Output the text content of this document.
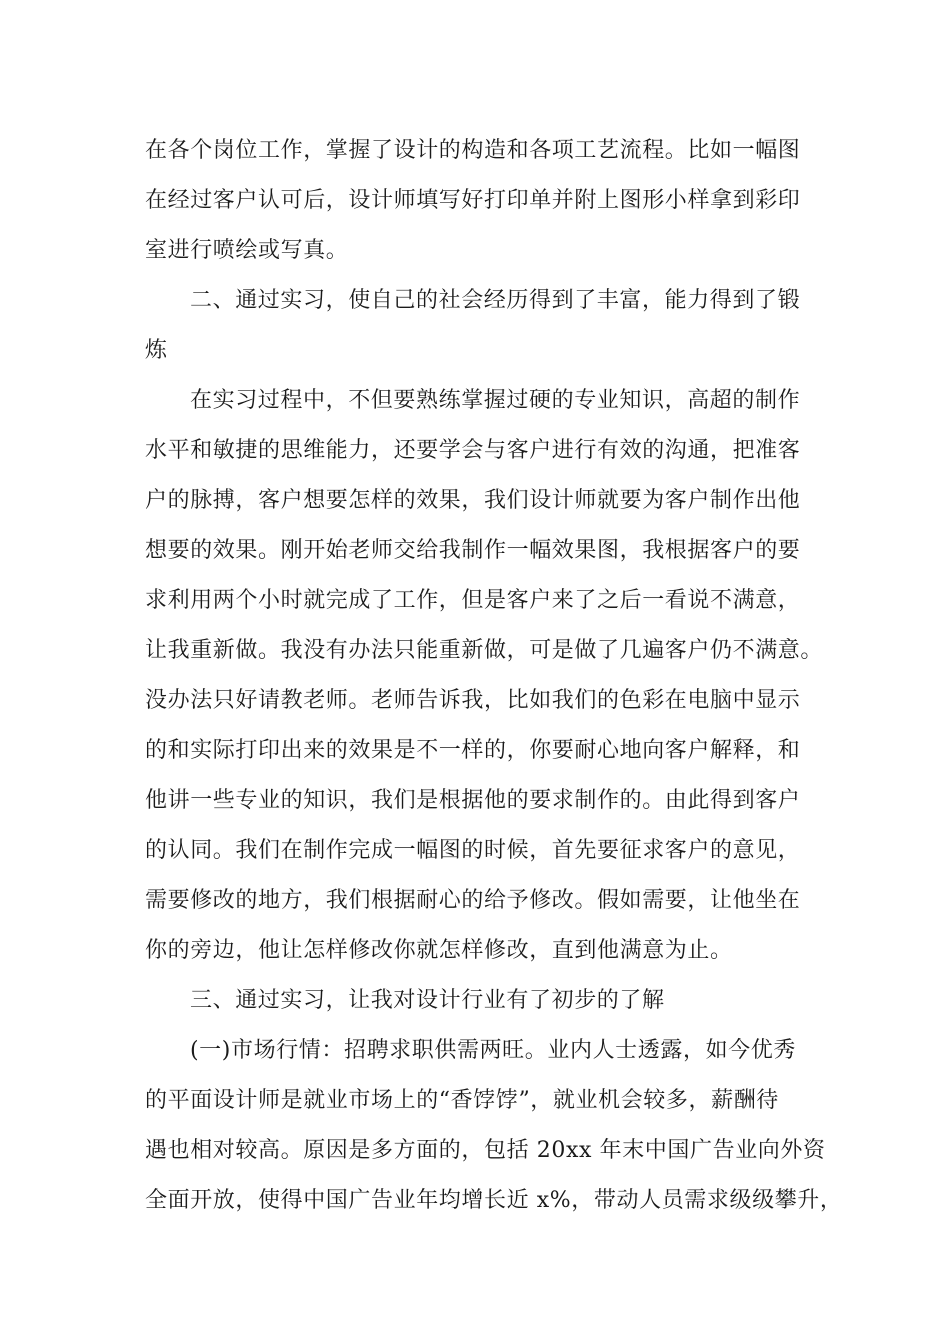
在各个岗位工作，掌握了设计的构造和各项工艺流程。比如一幅图
在经过客户认可后，设计师填写好打印单并附上图形小样拿到彩印
室进行喷绘或写真。
二、通过实习，使自己的社会经历得到了丰富，能力得到了锻
炼
在实习过程中，不但要熟练掌握过硬的专业知识，高超的制作
水平和敏捷的思维能力，还要学会与客户进行有效的沟通，把准客
户的脉搏，客户想要怎样的效果，我们设计师就要为客户制作出他
想要的效果。刚开始老师交给我制作一幅效果图，我根据客户的要
求利用两个小时就完成了工作，但是客户来了之后一看说不满意，
让我重新做。我没有办法只能重新做，可是做了几遍客户仍不满意。
没办法只好请教老师。老师告诉我，比如我们的色彩在电脑中显示
的和实际打印出来的效果是不一样的，你要耐心地向客户解释，和
他讲一些专业的知识，我们是根据他的要求制作的。由此得到客户
的认同。我们在制作完成一幅图的时候，首先要征求客户的意见，
需要修改的地方，我们根据耐心的给予修改。假如需要，让他坐在
你的旁边，他让怎样修改你就怎样修改，直到他满意为止。
三、通过实习，让我对设计行业有了初步的了解
(一)市场行情：招聘求职供需两旺。业内人士透露，如今优秀
的平面设计师是就业市场上的“香饽饽”，就业机会较多，薪酬待
遇也相对较高。原因是多方面的，包括 20xx 年末中国广告业向外资
全面开放，使得中国广告业年均增长近 x%，带动人员需求级级攀升，
